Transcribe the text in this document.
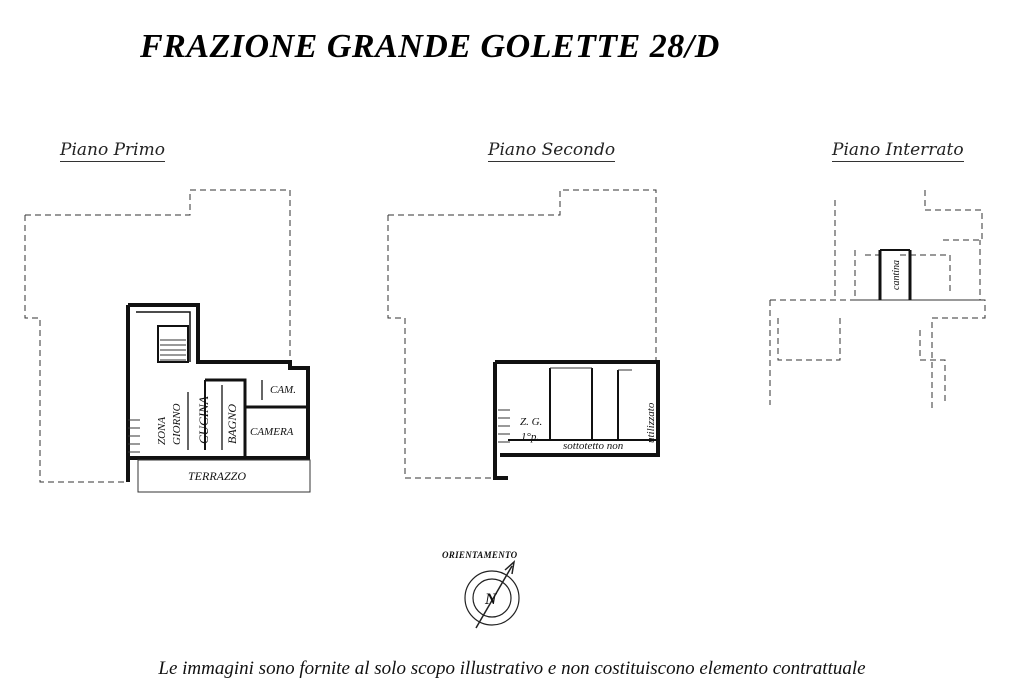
FRAZIONE GRANDE GOLETTE 28/D
Piano Primo	Piano Secondo	Piano Interrato
ZONA GIORNO CUCINA BAGNO
CAM.
CAMERA
TERRAZZO
Z. G.
1°p.
sottotetto non
utilizzato
cantina
N
ORIENTAMENTO
Le immagini sono fornite al solo scopo illustrativo e non costituiscono elemento contrattuale
